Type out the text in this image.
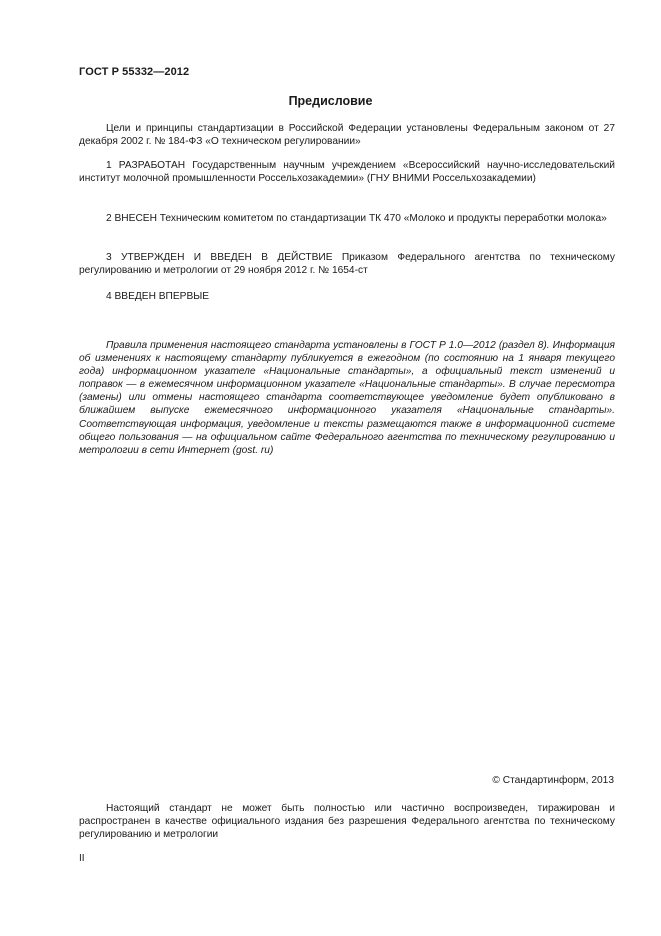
ГОСТ Р 55332—2012
Предисловие

Цели и принципы стандартизации в Российской Федерации установлены Федеральным законом от 27 декабря 2002 г. № 184-ФЗ «О техническом регулировании»

1 РАЗРАБОТАН Государственным научным учреждением «Всероссийский научно-исследовательский институт молочной промышленности Россельхозакадемии» (ГНУ ВНИМИ Россельхозакадемии)

2 ВНЕСЕН Техническим комитетом по стандартизации ТК 470 «Молоко и продукты переработки молока»

3 УТВЕРЖДЕН И ВВЕДЕН В ДЕЙСТВИЕ Приказом Федерального агентства по техническому регулированию и метрологии от 29 ноября 2012 г. № 1654-ст

4 ВВЕДЕН ВПЕРВЫЕ

Правила применения настоящего стандарта установлены в ГОСТ Р 1.0—2012 (раздел 8). Информация об изменениях к настоящему стандарту публикуется в ежегодном (по состоянию на 1 января текущего года) информационном указателе «Национальные стандарты», а официальный текст изменений и поправок — в ежемесячном информационном указателе «Национальные стандарты». В случае пересмотра (замены) или отмены настоящего стандарта соответствующее уведомление будет опубликовано в ближайшем выпуске ежемесячного информационного указателя «Национальные стандарты». Соответствующая информация, уведомление и тексты размещаются также в информационной системе общего пользования — на официальном сайте Федерального агентства по техническому регулированию и метрологии в сети Интернет (gost. ru)

© Стандартинформ, 2013

Настоящий стандарт не может быть полностью или частично воспроизведен, тиражирован и распространен в качестве официального издания без разрешения Федерального агентства по техническому регулированию и метрологии

II
